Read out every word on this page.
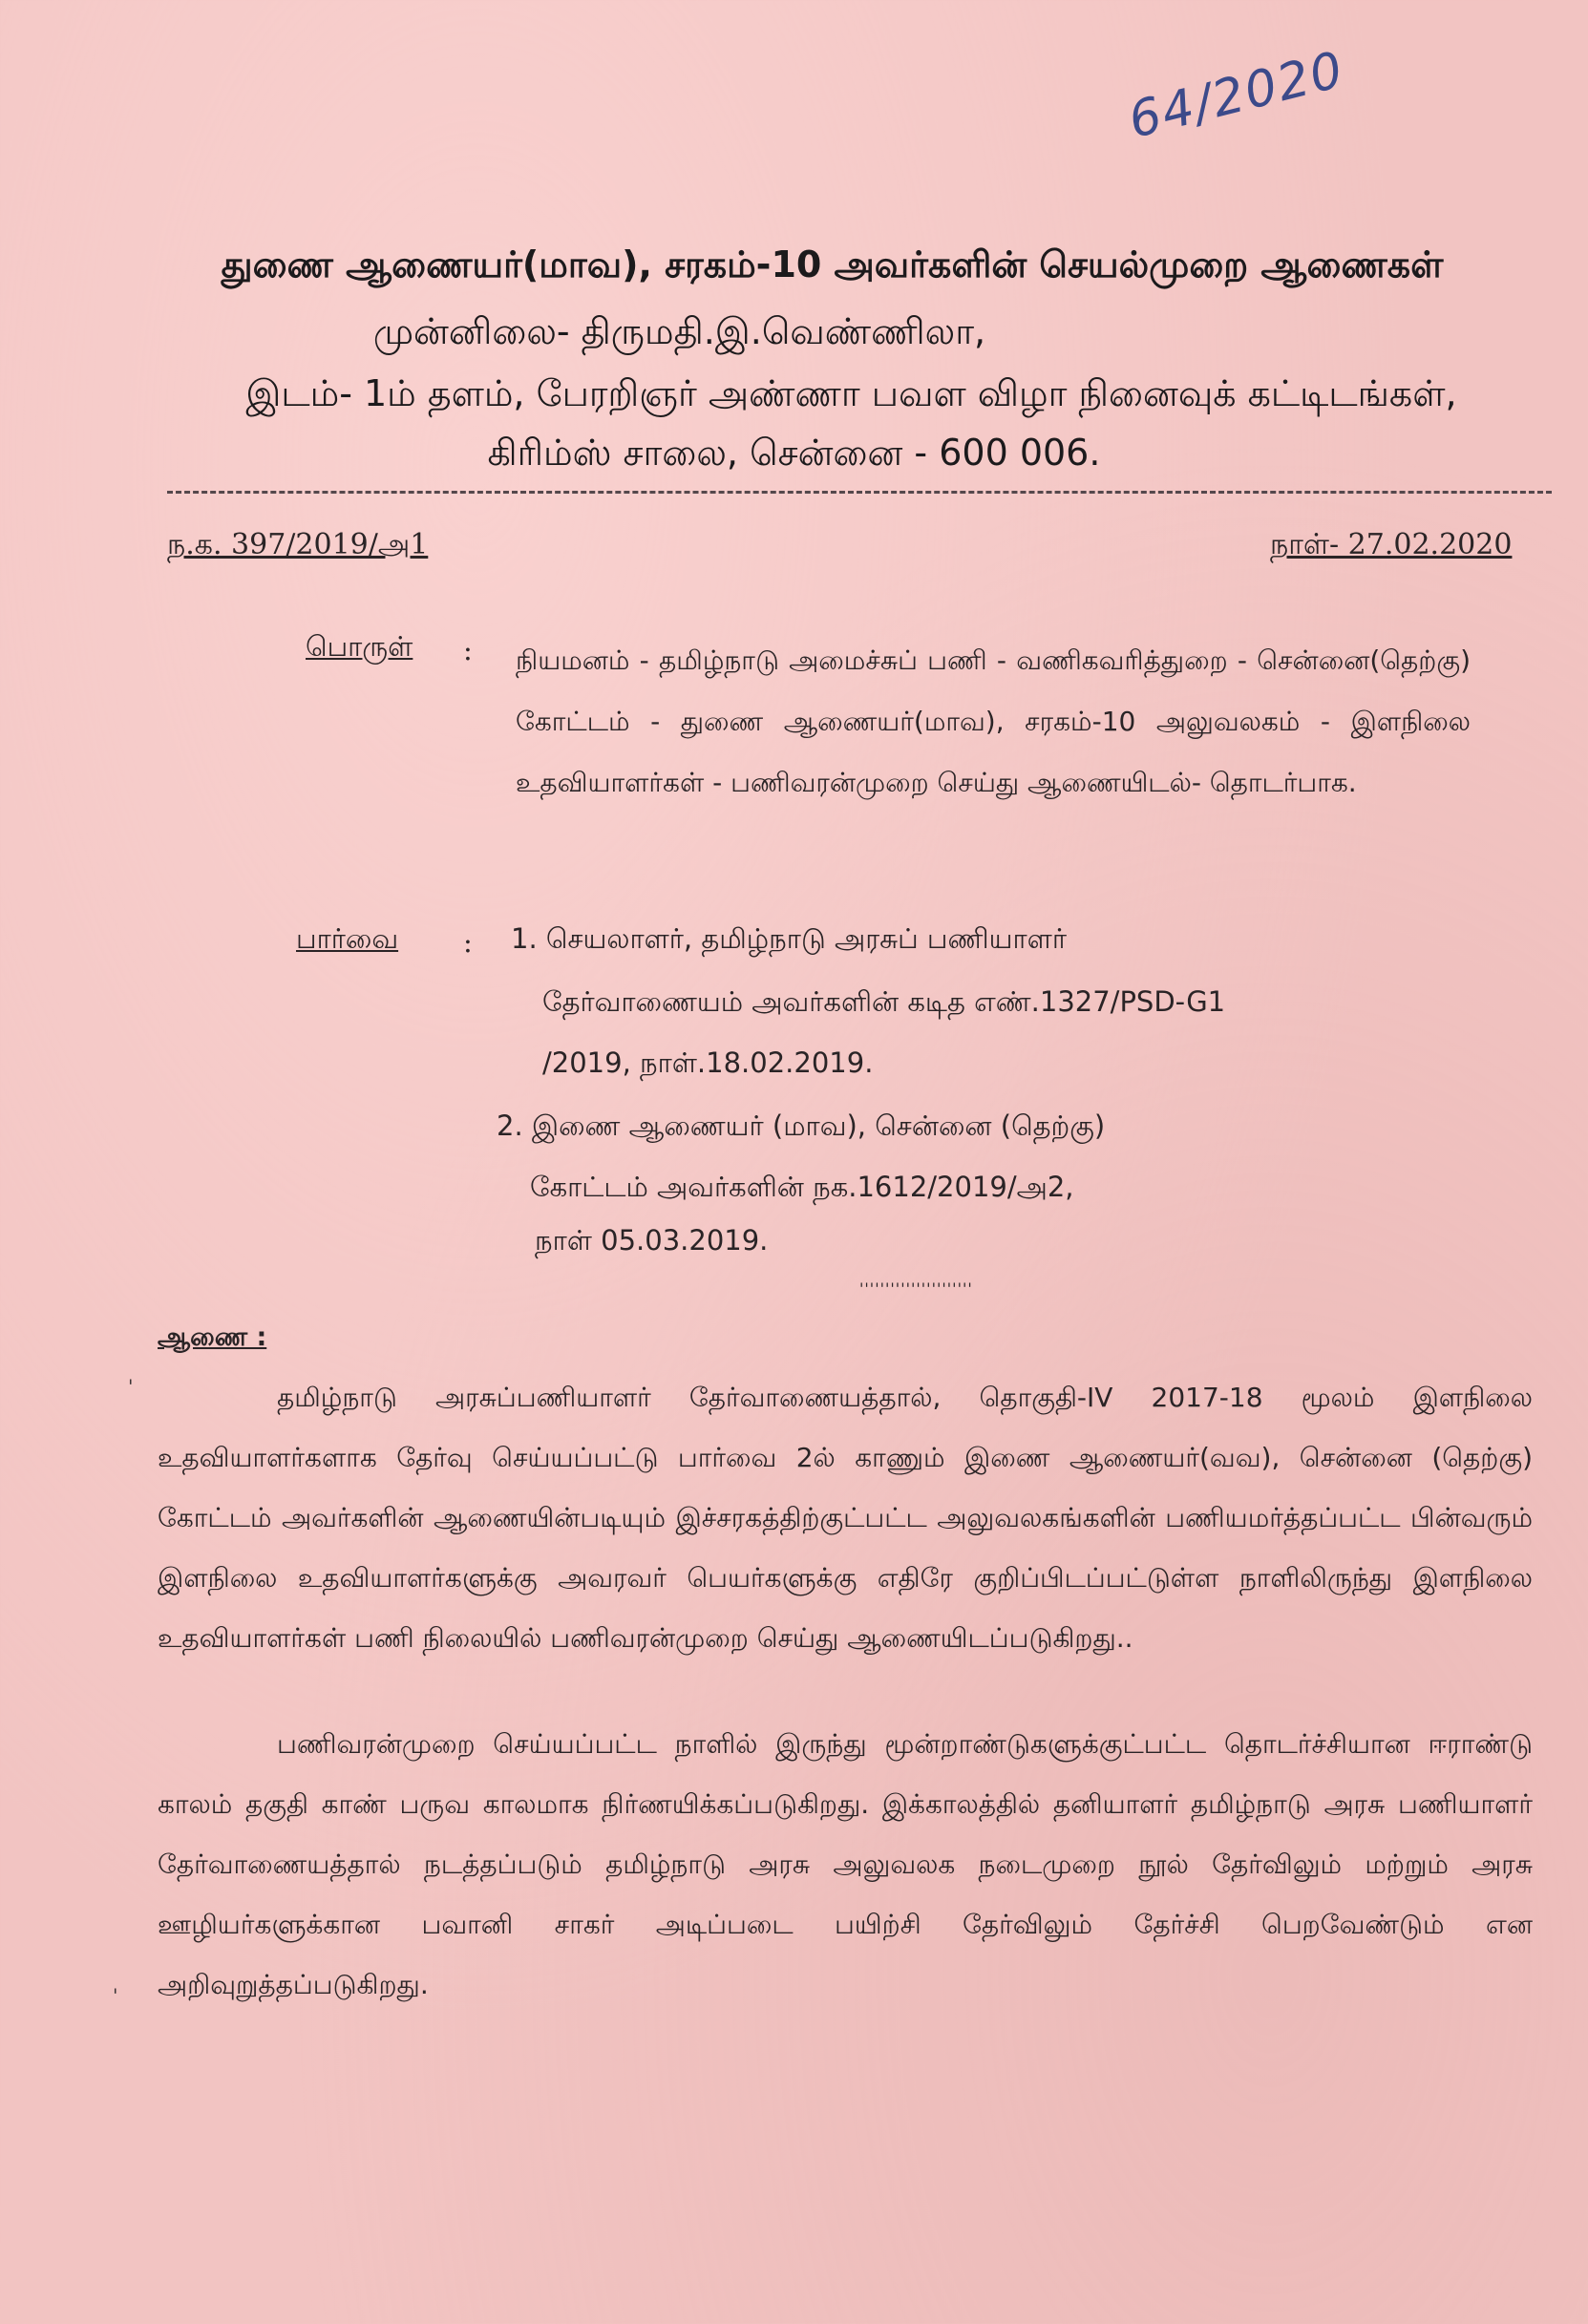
64/2020
துணை ஆணையர்(மாவ), சரகம்-10 அவர்களின் செயல்முறை ஆணைகள்
முன்னிலை- திருமதி.இ.வெண்ணிலா,
இடம்- 1ம் தளம், பேரறிஞர் அண்ணா பவள விழா நினைவுக் கட்டிடங்கள்,
கிரிம்ஸ் சாலை, சென்னை - 600 006.
ந.க. 397/2019/அ1	நாள்- 27.02.2020
பொருள் : நியமனம் - தமிழ்நாடு அமைச்சுப் பணி - வணிகவரித்துறை - சென்னை(தெற்கு) கோட்டம் - துணை ஆணையர்(மாவ), சரகம்-10 அலுவலகம் - இளநிலை உதவியாளர்கள் - பணிவரன்முறை செய்து ஆணையிடல்- தொடர்பாக.
பார்வை : 1. செயலாளர், தமிழ்நாடு அரசுப் பணியாளர்
தேர்வாணையம் அவர்களின் கடித எண்.1327/PSD-G1
/2019, நாள்.18.02.2019.
2. இணை ஆணையர் (மாவ), சென்னை (தெற்கு)
கோட்டம் அவர்களின் நக.1612/2019/அ2,
நாள் 05.03.2019.
''''''''''''''''''''''
ஆணை :
'	தமிழ்நாடு அரசுப்பணியாளர் தேர்வாணையத்தால், தொகுதி-IV 2017-18 மூலம் இளநிலை உதவியாளர்களாக தேர்வு செய்யப்பட்டு பார்வை 2ல் காணும் இணை ஆணையர்(வவ), சென்னை (தெற்கு) கோட்டம் அவர்களின் ஆணையின்படியும் இச்சரகத்திற்குட்பட்ட அலுவலகங்களின் பணியமர்த்தப்பட்ட பின்வரும் இளநிலை உதவியாளர்களுக்கு அவரவர் பெயர்களுக்கு எதிரே குறிப்பிடப்பட்டுள்ள நாளிலிருந்து இளநிலை உதவியாளர்கள் பணி நிலையில் பணிவரன்முறை செய்து ஆணையிடப்படுகிறது..
பணிவரன்முறை செய்யப்பட்ட நாளில் இருந்து மூன்றாண்டுகளுக்குட்பட்ட தொடர்ச்சியான ஈராண்டு காலம் தகுதி காண் பருவ காலமாக நிர்ணயிக்கப்படுகிறது. இக்காலத்தில் தனியாளர் தமிழ்நாடு அரசு பணியாளர் தேர்வாணையத்தால் நடத்தப்படும் தமிழ்நாடு அரசு அலுவலக நடைமுறை நூல் தேர்விலும் மற்றும் அரசு ஊழியர்களுக்கான பவானி சாகர் அடிப்படை பயிற்சி தேர்விலும் தேர்ச்சி பெறவேண்டும் என அறிவுறுத்தப்படுகிறது.
'
